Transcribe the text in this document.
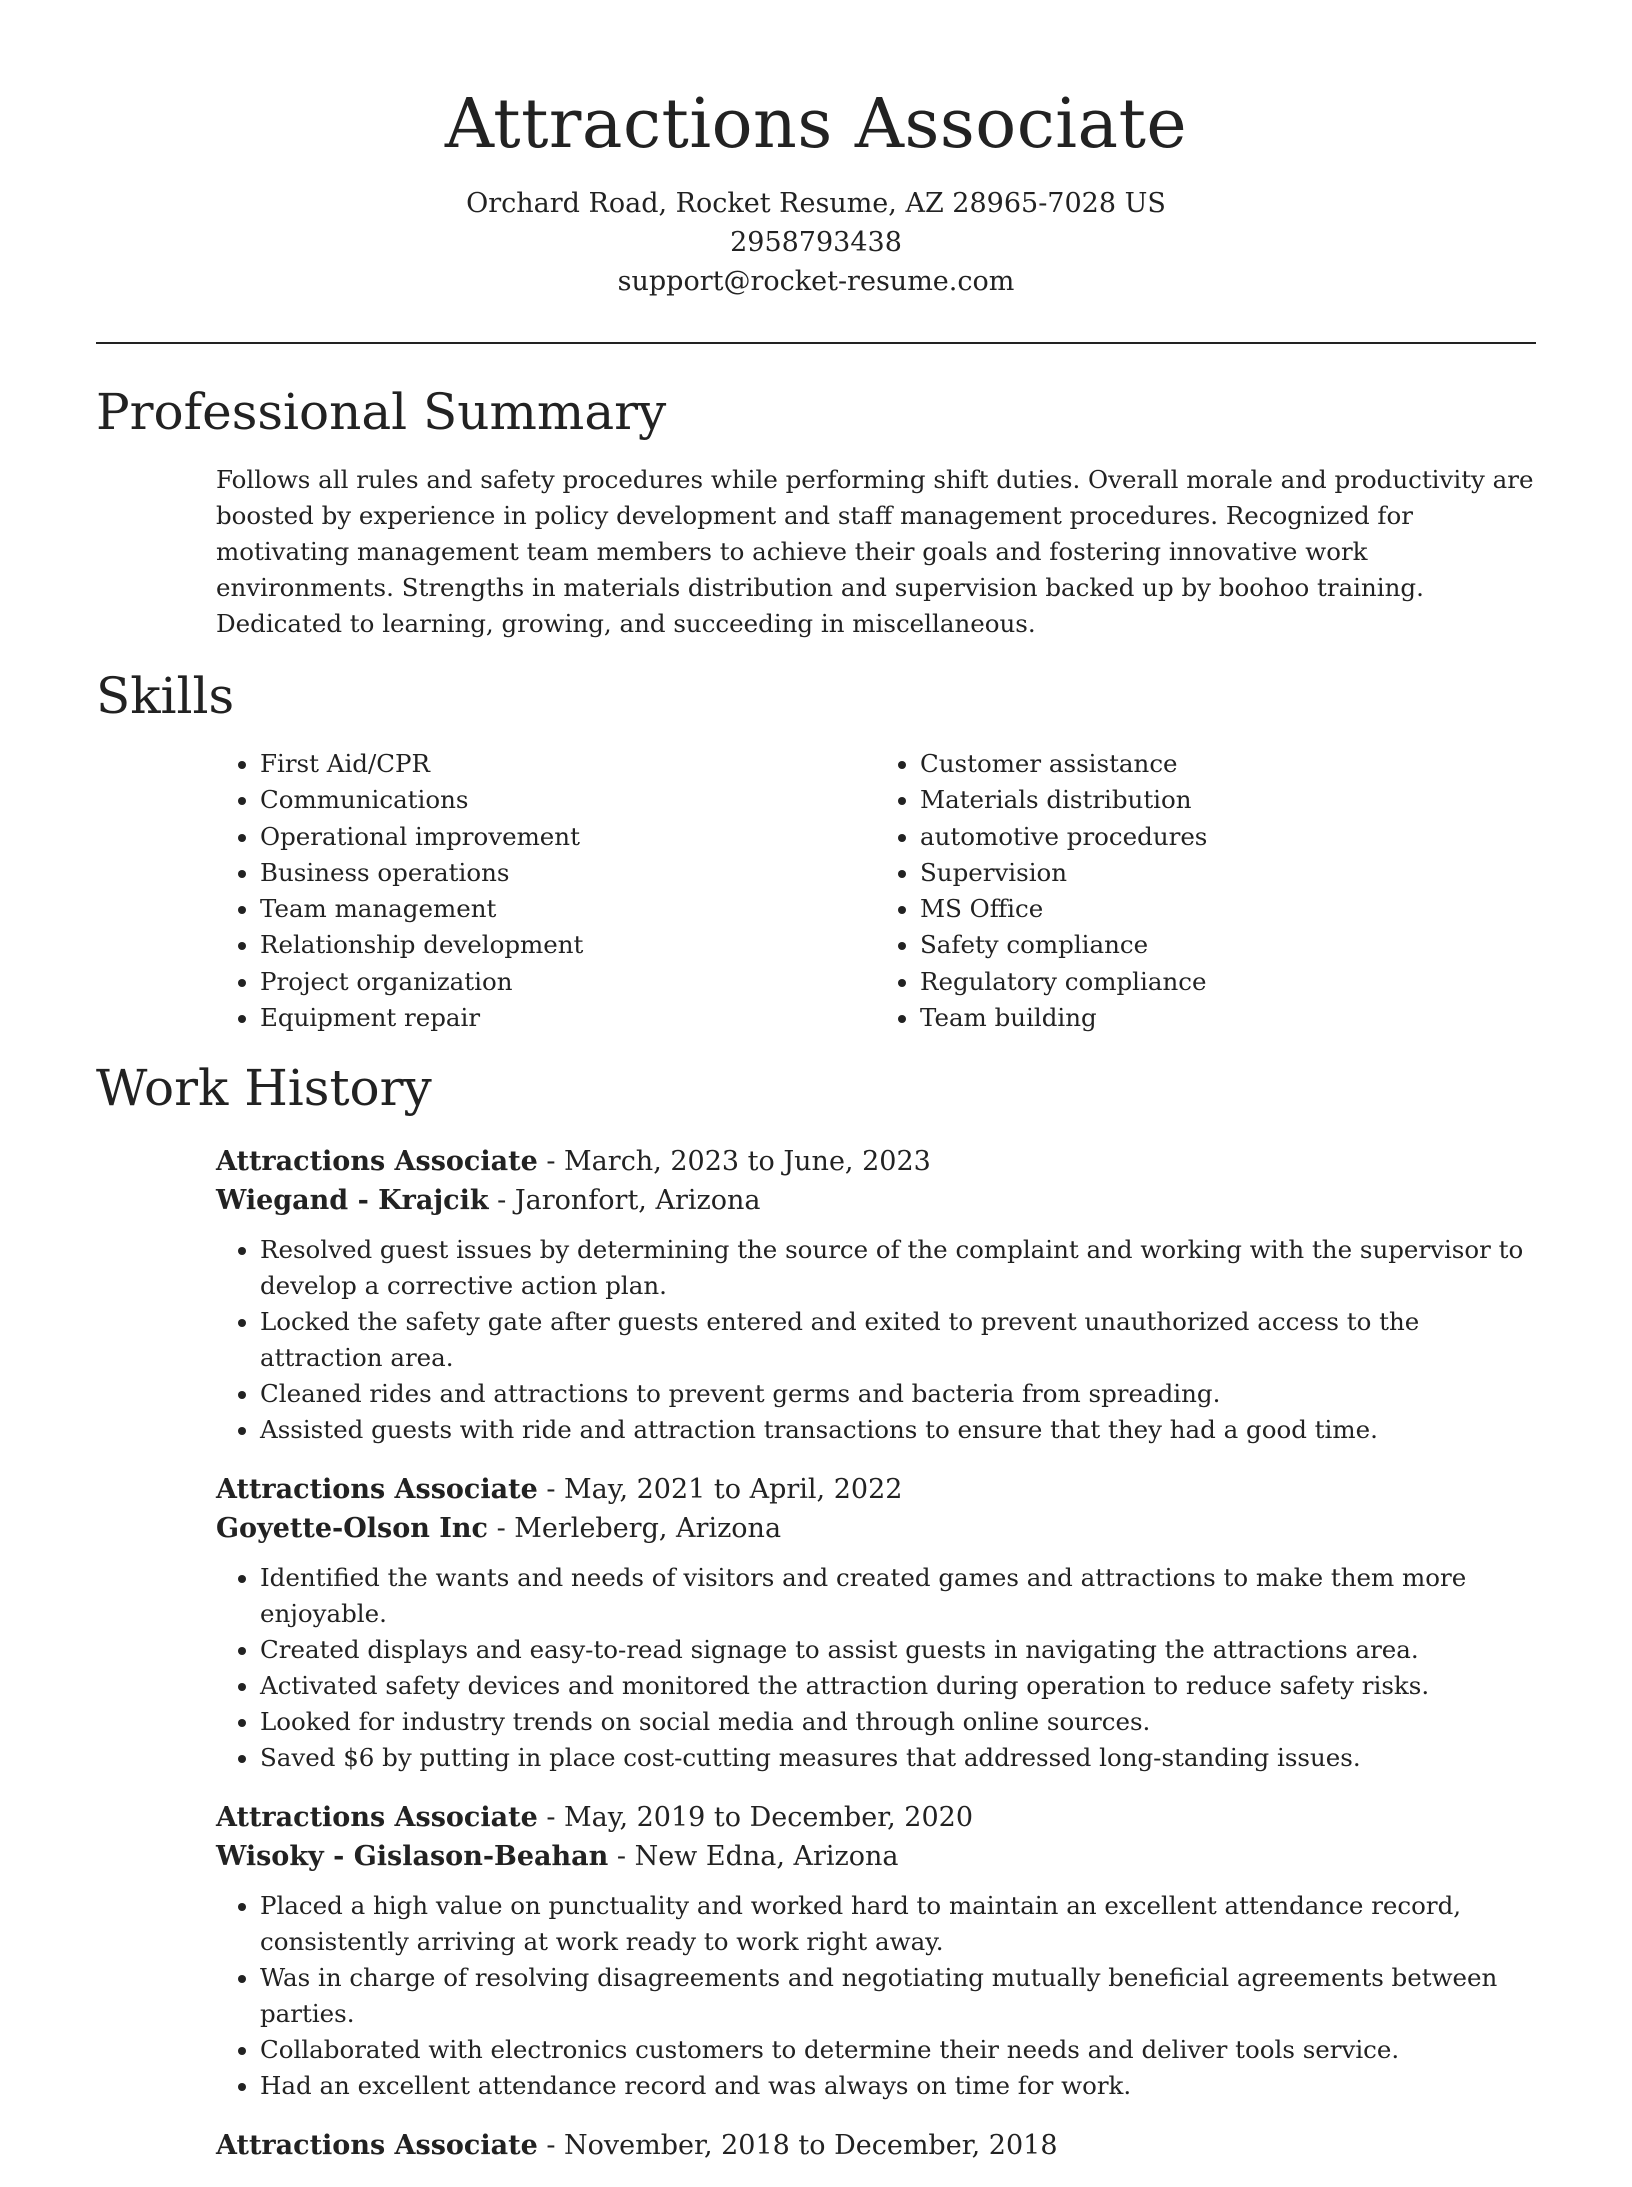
Attractions Associate
Orchard Road, Rocket Resume, AZ 28965-7028 US
2958793438
support@rocket-resume.com
Professional Summary

Follows all rules and safety procedures while performing shift duties. Overall morale and productivity are boosted by experience in policy development and staff management procedures. Recognized for motivating management team members to achieve their goals and fostering innovative work environments. Strengths in materials distribution and supervision backed up by boohoo training. Dedicated to learning, growing, and succeeding in miscellaneous.

Skills
• First Aid/CPR
• Communications
• Operational improvement
• Business operations
• Team management
• Relationship development
• Project organization
• Equipment repair
• Customer assistance
• Materials distribution
• automotive procedures
• Supervision
• MS Office
• Safety compliance
• Regulatory compliance
• Team building
Work History
Attractions Associate - March, 2023 to June, 2023
Wiegand - Krajcik - Jaronfort, Arizona
• Resolved guest issues by determining the source of the complaint and working with the supervisor to develop a corrective action plan.
• Locked the safety gate after guests entered and exited to prevent unauthorized access to the attraction area.
• Cleaned rides and attractions to prevent germs and bacteria from spreading.
• Assisted guests with ride and attraction transactions to ensure that they had a good time.
Attractions Associate - May, 2021 to April, 2022
Goyette-Olson Inc - Merleberg, Arizona
• Identified the wants and needs of visitors and created games and attractions to make them more enjoyable.
• Created displays and easy-to-read signage to assist guests in navigating the attractions area.
• Activated safety devices and monitored the attraction during operation to reduce safety risks.
• Looked for industry trends on social media and through online sources.
• Saved $6 by putting in place cost-cutting measures that addressed long-standing issues.
Attractions Associate - May, 2019 to December, 2020
Wisoky - Gislason-Beahan - New Edna, Arizona
• Placed a high value on punctuality and worked hard to maintain an excellent attendance record, consistently arriving at work ready to work right away.
• Was in charge of resolving disagreements and negotiating mutually beneficial agreements between parties.
• Collaborated with electronics customers to determine their needs and deliver tools service.
• Had an excellent attendance record and was always on time for work.
Attractions Associate - November, 2018 to December, 2018
